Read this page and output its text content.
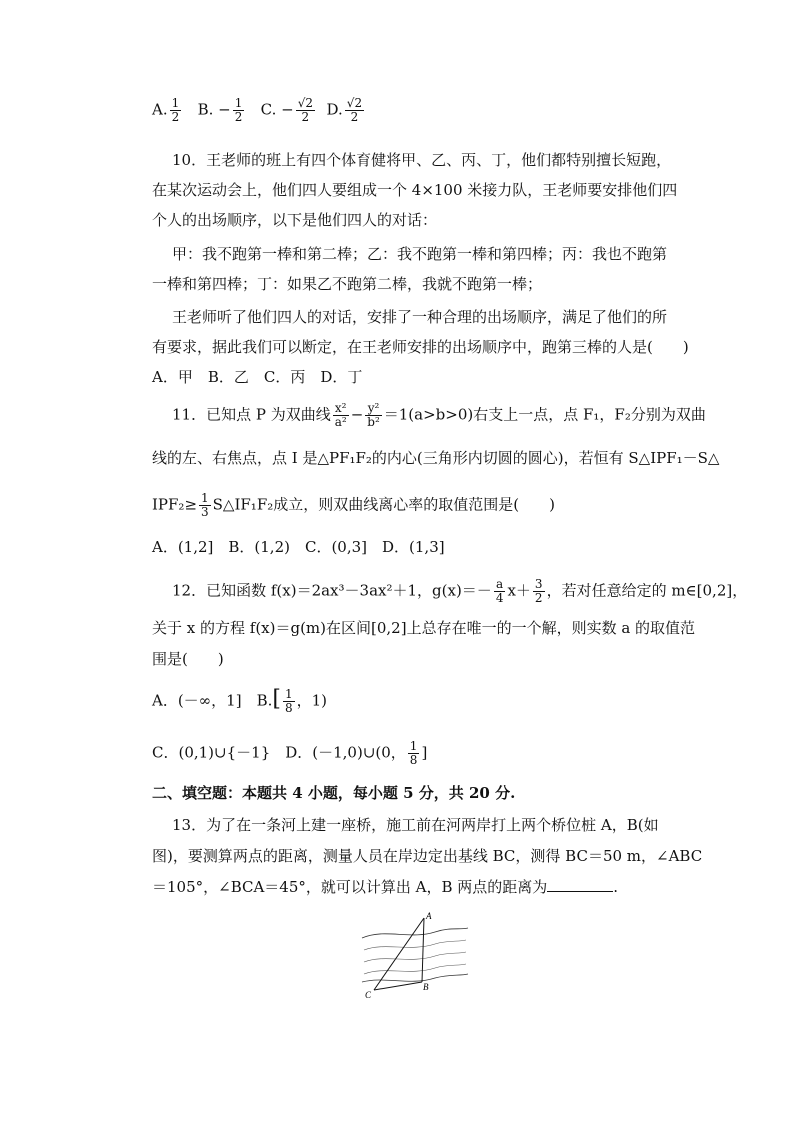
A. $\frac{1}{2} B$. − $\frac{1}{2} C$. − $\frac{√2}{2} D$. $\frac{√2}{2}$
10．王老师的班上有四个体育健将甲、乙、丙、丁，他们都特别擅长短跑，
在某次运动会上，他们四人要组成一个 4×100 米接力队，王老师要安排他们四
个人的出场顺序，以下是他们四人的对话：
甲：我不跑第一棒和第二棒；乙：我不跑第一棒和第四棒；丙：我也不跑第
一棒和第四棒；丁：如果乙不跑第二棒，我就不跑第一棒；
王老师听了他们四人的对话，安排了一种合理的出场顺序，满足了他们的所
有要求，据此我们可以断定，在王老师安排的出场顺序中，跑第三棒的人是(　　)
A．甲　B．乙　C．丙　D．丁
11．已知点 P 为双曲线 $\frac{\text{x²}}{\text{a²}} - \frac{\text{y²}}{\text{b²}} =1(a>b>0)$右支上一点，点 F₁，F₂分别为双曲
线的左、右焦点，点 I 是△PF₁F₂的内心(三角形内切圆的圆心)，若恒有 S△IPF₁－S△
$IPF_2\ge \frac{1}{3}$ S△IF₁F₂成立，则双曲线离心率的取值范围是(　　)
A．(1,2]　B．(1,2)　C．(0,3]　D．(1,3]
12．已知函数 f(x)＝2ax³－3ax²＋1，$g(x)=- \frac{a}{4} x+ \frac{3}{2}$ ，若对任意给定的 m∈[0,2]，
关于 x 的方程 f(x)＝g(m)在区间[0,2]上总存在唯一的一个解，则实数 a 的取值范
围是(　　)
A．(－∞，1]　$B.[ \frac{1}{8}$ ，1)
C．(0,1)∪{－1}　D．(－1,0)∪(0， $\frac{1}{8}$ ]
二、填空题：本题共 4 小题，每小题 5 分，共 20 分.
13．为了在一条河上建一座桥，施工前在河两岸打上两个桥位桩 A，B(如
图)，要测算两点的距离，测量人员在岸边定出基线 BC，测得 BC＝50 m，∠ABC
＝105°，∠BCA＝45°，就可以计算出 A，B 两点的距离为	.
A
B
C
